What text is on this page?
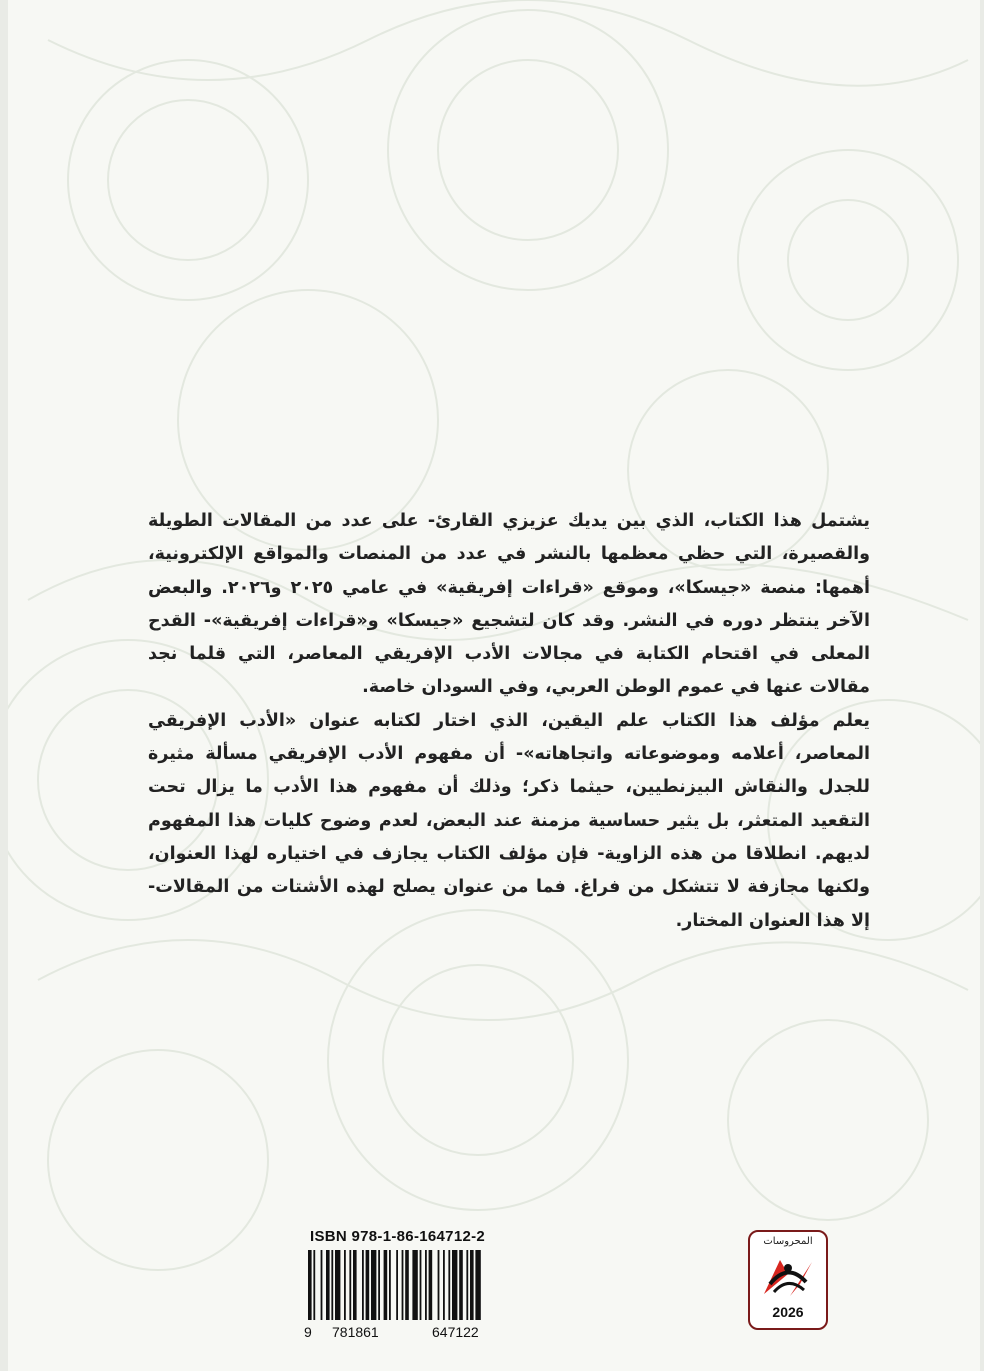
يشتمل هذا الكتاب، الذي بين يديك عزيزي القارئ- على عدد من المقالات الطويلة والقصيرة، التي حظي معظمها بالنشر في عدد من المنصات والمواقع الإلكترونية، أهمها: منصة «جيسكا»، وموقع «قراءات إفريقية» في عامي ٢٠٢٥ و٢٠٢٦. والبعض الآخر ينتظر دوره في النشر. وقد كان لتشجيع «جيسكا» و«قراءات إفريقية»- القدح المعلى في اقتحام الكتابة في مجالات الأدب الإفريقي المعاصر، التي قلما نجد مقالات عنها في عموم الوطن العربي، وفي السودان خاصة.

يعلم مؤلف هذا الكتاب علم اليقين، الذي اختار لكتابه عنوان «الأدب الإفريقي المعاصر، أعلامه وموضوعاته واتجاهاته»- أن مفهوم الأدب الإفريقي مسألة مثيرة للجدل والنقاش البيزنطيين، حيثما ذكر؛ وذلك أن مفهوم هذا الأدب ما يزال تحت التقعيد المتعثر، بل يثير حساسية مزمنة عند البعض، لعدم وضوح كليات هذا المفهوم لديهم. انطلاقا من هذه الزاوية- فإن مؤلف الكتاب يجازف في اختياره لهذا العنوان، ولكنها مجازفة لا تتشكل من فراغ. فما من عنوان يصلح لهذه الأشتات من المقالات- إلا هذا العنوان المختار.

ISBN 978-1-86-164712-2
9 781861	647122
المحروسات
2026
